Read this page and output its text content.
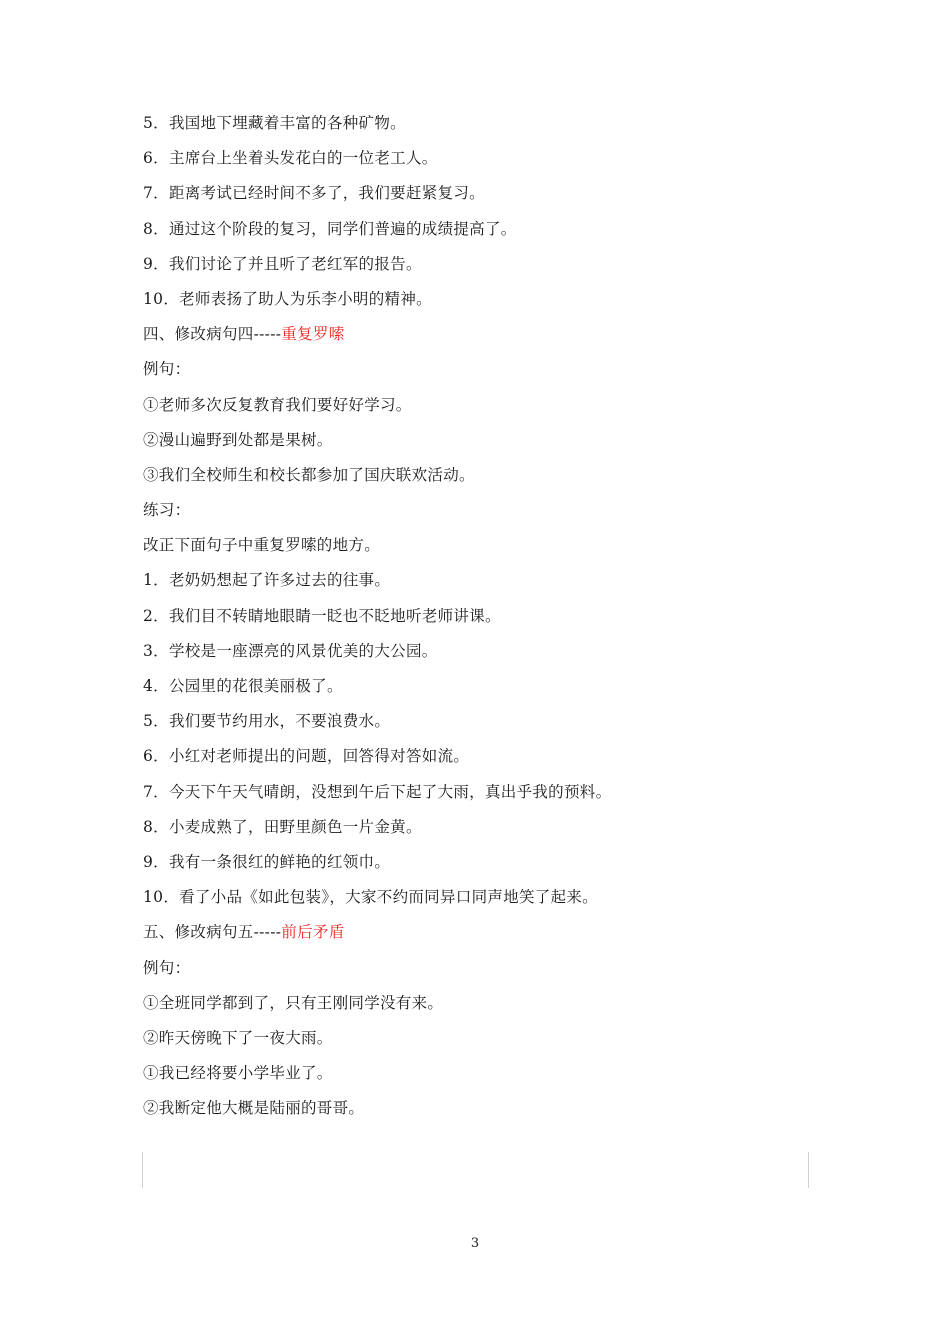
5．我国地下埋藏着丰富的各种矿物。
6．主席台上坐着头发花白的一位老工人。
7．距离考试已经时间不多了，我们要赶紧复习。
8．通过这个阶段的复习，同学们普遍的成绩提高了。
9．我们讨论了并且听了老红军的报告。
10．老师表扬了助人为乐李小明的精神。
四、修改病句四-----重复罗嗦
例句：
①老师多次反复教育我们要好好学习。
②漫山遍野到处都是果树。
③我们全校师生和校长都参加了国庆联欢活动。
练习：
改正下面句子中重复罗嗦的地方。
1．老奶奶想起了许多过去的往事。
2．我们目不转睛地眼睛一眨也不眨地听老师讲课。
3．学校是一座漂亮的风景优美的大公园。
4．公园里的花很美丽极了。
5．我们要节约用水，不要浪费水。
6．小红对老师提出的问题，回答得对答如流。
7．今天下午天气晴朗，没想到午后下起了大雨，真出乎我的预料。
8．小麦成熟了，田野里颜色一片金黄。
9．我有一条很红的鲜艳的红领巾。
10．看了小品《如此包装》，大家不约而同异口同声地笑了起来。
五、修改病句五-----前后矛盾
例句：
①全班同学都到了，只有王刚同学没有来。
②昨天傍晚下了一夜大雨。
①我已经将要小学毕业了。
②我断定他大概是陆丽的哥哥。
3
